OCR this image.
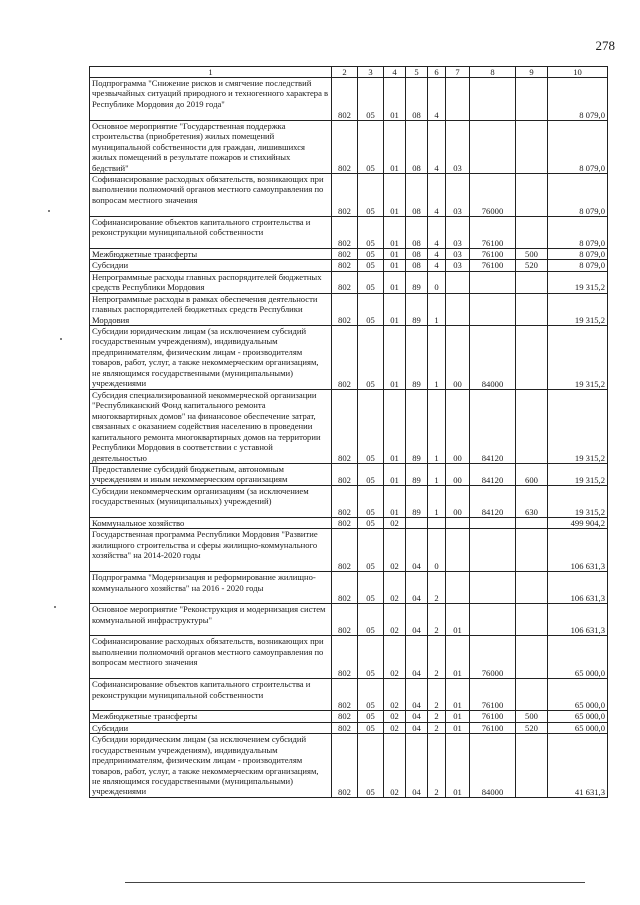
278
1	2	3	4	5	6	7	8	9	10
Подпрограмма "Снижение рисков и смягчение последствий чрезвычайных ситуаций природного и техногенного характера в Республике Мордовия до 2019 года"	802	05	01	08	4				8 079,0
Основное мероприятие "Государственная поддержка строительства (приобретения) жилых помещений муниципальной собственности для граждан, лишившихся жилых помещений в результате пожаров и стихийных бедствий"	802	05	01	08	4	03			8 079,0
Софинансирование расходных обязательств, возникающих при выполнении полномочий органов местного самоуправления по вопросам местного значения	802	05	01	08	4	03	76000		8 079,0
Софинансирование объектов капитального строительства и реконструкции муниципальной собственности	802	05	01	08	4	03	76100		8 079,0
Межбюджетные трансферты	802	05	01	08	4	03	76100	500	8 079,0
Субсидии	802	05	01	08	4	03	76100	520	8 079,0
Непрограммные расходы главных распорядителей бюджетных средств Республики Мордовия	802	05	01	89	0				19 315,2
Непрограммные расходы в рамках обеспечения деятельности главных распорядителей бюджетных средств Республики Мордовия	802	05	01	89	1				19 315,2
Субсидии юридическим лицам (за исключением субсидий государственным учреждениям), индивидуальным предпринимателям, физическим лицам - производителям товаров, работ, услуг, а также некоммерческим организациям, не являющимся государственными (муниципальными) учреждениями	802	05	01	89	1	00	84000		19 315,2
Субсидия специализированной некоммерческой организации "Республиканский Фонд капитального ремонта многоквартирных домов" на финансовое обеспечение затрат, связанных с оказанием содействия населению в проведении капитального ремонта многоквартирных домов на территории Республики Мордовия в соответствии с уставной деятельностью	802	05	01	89	1	00	84120		19 315,2
Предоставление субсидий бюджетным, автономным учреждениям и иным некоммерческим организациям	802	05	01	89	1	00	84120	600	19 315,2
Субсидии некоммерческим организациям (за исключением государственных (муниципальных) учреждений)	802	05	01	89	1	00	84120	630	19 315,2
Коммунальное хозяйство	802	05	02						499 904,2
Государственная программа Республики Мордовия "Развитие жилищного строительства и сферы жилищно-коммунального хозяйства" на 2014-2020 годы	802	05	02	04	0				106 631,3
Подпрограмма "Модернизация и реформирование жилищно-коммунального хозяйства" на 2016 - 2020 годы	802	05	02	04	2				106 631,3
Основное мероприятие "Реконструкция и модернизация систем коммунальной инфраструктуры"	802	05	02	04	2	01			106 631,3
Софинансирование расходных обязательств, возникающих при выполнении полномочий органов местного самоуправления по вопросам местного значения	802	05	02	04	2	01	76000		65 000,0
Софинансирование объектов капитального строительства и реконструкции муниципальной собственности	802	05	02	04	2	01	76100		65 000,0
Межбюджетные трансферты	802	05	02	04	2	01	76100	500	65 000,0
Субсидии	802	05	02	04	2	01	76100	520	65 000,0
Субсидии юридическим лицам (за исключением субсидий государственным учреждениям), индивидуальным предпринимателям, физическим лицам - производителям товаров, работ, услуг, а также некоммерческим организациям, не являющимся государственными (муниципальными) учреждениями	802	05	02	04	2	01	84000		41 631,3
